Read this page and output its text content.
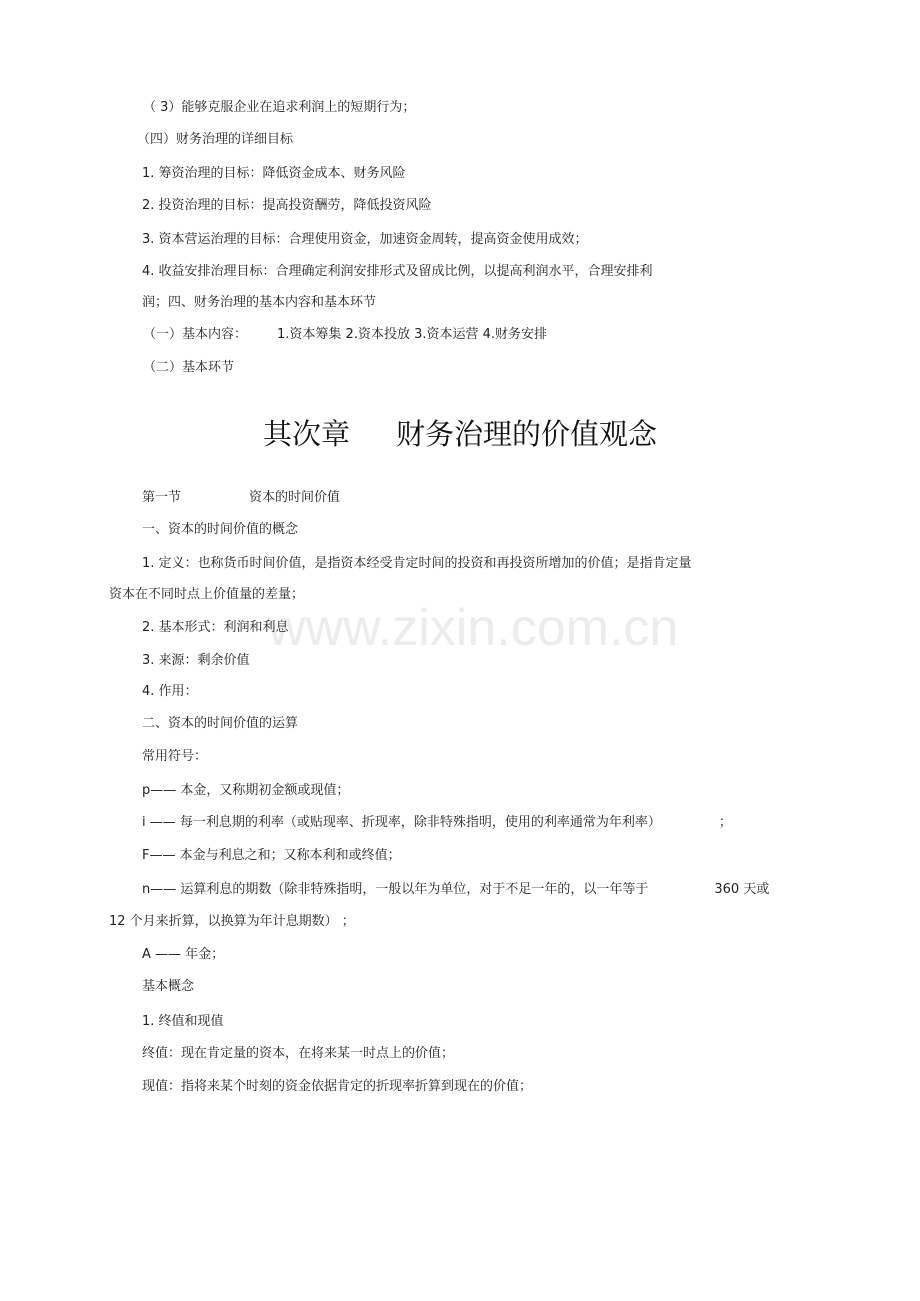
www.zixin.com.cn
（ 3）能够克服企业在追求利润上的短期行为；
（四）财务治理的详细目标
1. 筹资治理的目标：降低资金成本、财务风险
2. 投资治理的目标：提高投资酬劳，降低投资风险
3. 资本营运治理的目标：合理使用资金，加速资金周转，提高资金使用成效；
4. 收益安排治理目标：合理确定利润安排形式及留成比例，以提高利润水平，合理安排利
润；四、财务治理的基本内容和基本环节
（一）基本内容： 1.资本筹集 2.资本投放 3.资本运营 4.财务安排
（二）基本环节
其次章 财务治理的价值观念
第一节	资本的时间价值
一、资本的时间价值的概念
1. 定义：也称货币时间价值，是指资本经受肯定时间的投资和再投资所增加的价值；是指肯定量
资本在不同时点上价值量的差量；
2. 基本形式：利润和利息
3. 来源：剩余价值
4. 作用：
二、资本的时间价值的运算
常用符号：
p—— 本金，又称期初金额或现值；
i —— 每一利息期的利率（或贴现率、折现率，除非特殊指明，使用的利率通常为年利率）	；
F—— 本金与利息之和；又称本利和或终值；
n—— 运算利息的期数（除非特殊指明，一般以年为单位，对于不足一年的，以一年等于	360 天或
12 个月来折算，以换算为年计息期数） ；
A —— 年金；
基本概念
1. 终值和现值
终值：现在肯定量的资本，在将来某一时点上的价值；
现值：指将来某个时刻的资金依据肯定的折现率折算到现在的价值；
